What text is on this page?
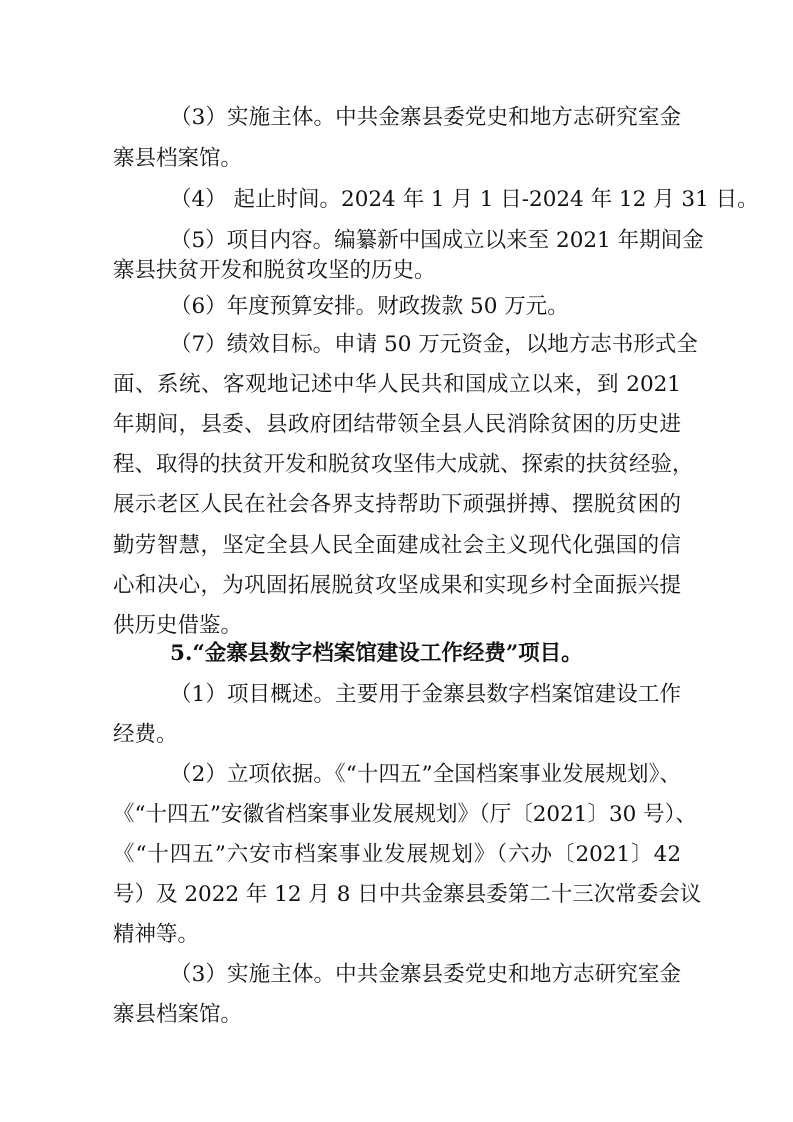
（3）实施主体。中共金寨县委党史和地方志研究室金
寨县档案馆。
（4） 起止时间。2024 年 1 月 1 日-2024 年 12 月 31 日。
（5）项目内容。编纂新中国成立以来至 2021 年期间金
寨县扶贫开发和脱贫攻坚的历史。
（6）年度预算安排。财政拨款 50 万元。
（7）绩效目标。申请 50 万元资金，以地方志书形式全
面、系统、客观地记述中华人民共和国成立以来，到 2021
年期间，县委、县政府团结带领全县人民消除贫困的历史进
程、取得的扶贫开发和脱贫攻坚伟大成就、探索的扶贫经验，
展示老区人民在社会各界支持帮助下顽强拼搏、摆脱贫困的
勤劳智慧，坚定全县人民全面建成社会主义现代化强国的信
心和决心，为巩固拓展脱贫攻坚成果和实现乡村全面振兴提
供历史借鉴。
5.“金寨县数字档案馆建设工作经费”项目。
（1）项目概述。主要用于金寨县数字档案馆建设工作
经费。
（2）立项依据。《“十四五”全国档案事业发展规划》、
《“十四五”安徽省档案事业发展规划》（厅〔2021〕30 号）、
《“十四五”六安市档案事业发展规划》（六办〔2021〕42
号）及 2022 年 12 月 8 日中共金寨县委第二十三次常委会议
精神等。
（3）实施主体。中共金寨县委党史和地方志研究室金
寨县档案馆。
